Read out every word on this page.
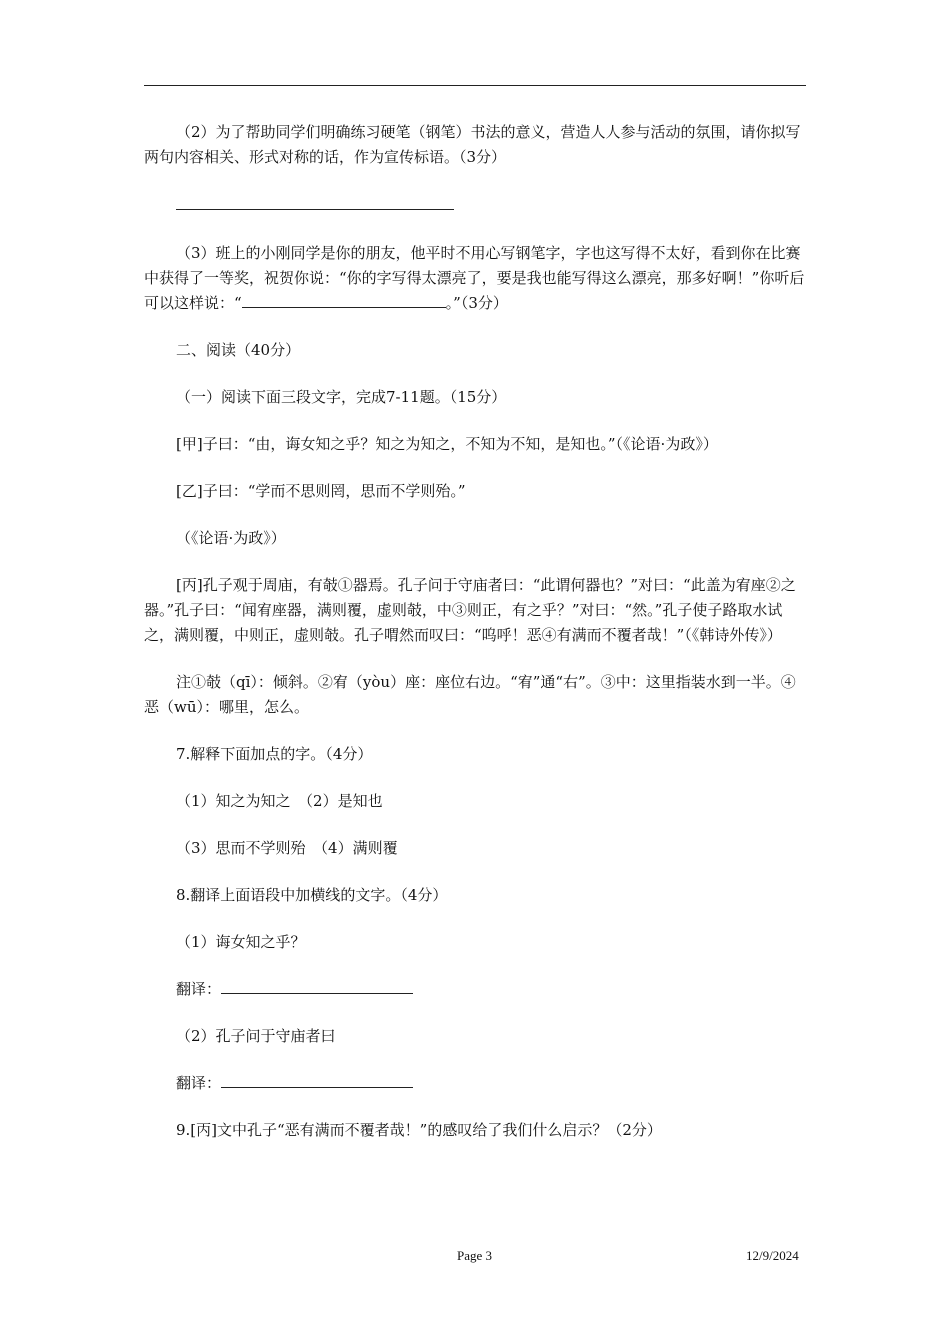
（2）为了帮助同学们明确练习硬笔（钢笔）书法的意义，营造人人参与活动的氛围，请你拟写两句内容相关、形式对称的话，作为宣传标语。（3分）

（3）班上的小刚同学是你的朋友，他平时不用心写钢笔字，字也这写得不太好，看到你在比赛中获得了一等奖，祝贺你说：“你的字写得太漂亮了，要是我也能写得这么漂亮，那多好啊！”你听后可以这样说：“	。”（3分）

二、阅读（40分）

（一）阅读下面三段文字，完成7-11题。（15分）

[甲]子曰：“由，诲女知之乎？知之为知之，不知为不知，是知也。”（《论语·为政》）

[乙]子曰：“学而不思则罔，思而不学则殆。”

（《论语·为政》）

[丙]孔子观于周庙，有攲①器焉。孔子问于守庙者曰：“此谓何器也？”对曰：“此盖为宥座②之器。”孔子曰：“闻宥座器，满则覆，虚则攲，中③则正，有之乎？”对曰：“然。”孔子使子路取水试之，满则覆，中则正，虚则攲。孔子喟然而叹曰：“呜呼！恶④有满而不覆者哉！”（《韩诗外传》）

注①攲（qī）：倾斜。②宥（yòu）座：座位右边。“宥”通“右”。③中：这里指装水到一半。④恶（wū）：哪里，怎么。

7.解释下面加点的字。（4分）

（1）知之为知之　（2）是知也

（3）思而不学则殆　（4）满则覆

8.翻译上面语段中加横线的文字。（4分）

（1）诲女知之乎？

翻译：

（2）孔子问于守庙者曰

翻译：

9.[丙]文中孔子“恶有满而不覆者哉！”的感叹给了我们什么启示？（2分）

Page 3	12/9/2024
